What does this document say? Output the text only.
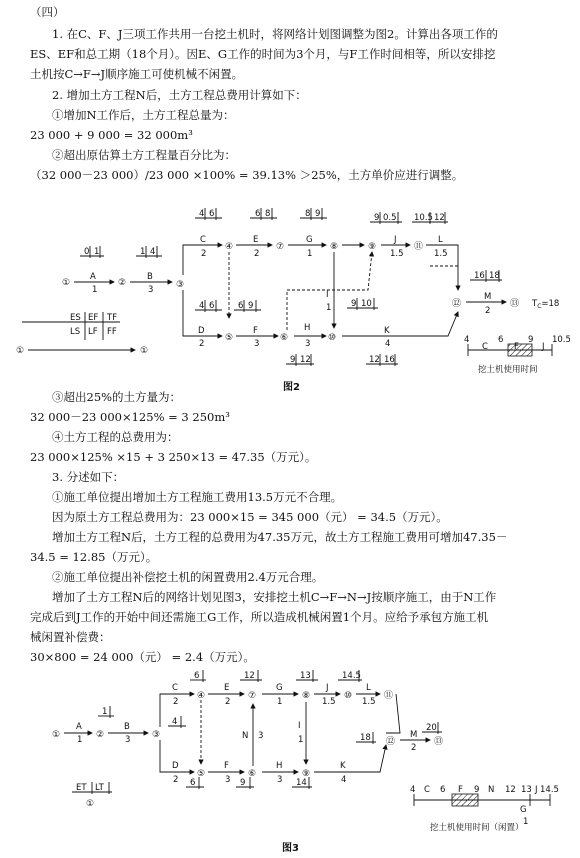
（四）
1. 在C、F、J三项工作共用一台挖土机时，将网络计划图调整为图2。计算出各项工作的
ES、EF和总工期（18个月）。因E、G工作的时间为3个月，与F工作时间相等，所以安排挖
土机按C→F→J顺序施工可使机械不闲置。
2. 增加土方工程N后，土方工程总费用计算如下：
①增加N工作后，土方工程总量为：
23 000 + 9 000 = 32 000m³
②超出原估算土方工程量百分比为：
（32 000－23 000）/23 000 ×100% = 39.13% ＞25%，土方单价应进行调整。
③超出25%的土方量为：
32 000－23 000×125% = 3 250m³
④土方工程的总费用为：
23 000×125% ×15 + 3 250×13 = 47.35（万元）。
3. 分述如下：
①施工单位提出增加土方工程施工费用13.5万元不合理。
因为原土方工程总费用为：23 000×15 = 345 000（元） = 34.5（万元）。
增加土方工程N后，土方工程的总费用为47.35万元，故土方工程施工费用可增加47.35－
34.5 = 12.85（万元）。
②施工单位提出补偿挖土机的闲置费用2.4万元合理。
增加了土方工程N后的网络计划见图3，安排挖土机C→F→N→J按顺序施工，由于N工作
完成后到J工作的开始中间还需施工G工作，所以造成机械闲置1个月。应给予承包方施工机
械闲置补偿费：
30×800 = 24 000（元） = 2.4（万元）。
ES EF TF
LS LF FF
①	①
①	②	③
④
⑤	⑥
⑦	⑧	⑨
⑩
⑪
⑫	⑬
A
1
B
3
C
2
D
2
E
2
F
3
G
1
H
3
J
1.5
I
1
L
1.5
K
4
M
2
0 1	1 4
4 6	6 8	8 9	9 0.5 10.5 12
4 6	6 9	9 10
16 18
9 12	12 16
$T_C=18$
4
C
6
F
9
J
10.5
挖土机使用时间
图2
①	②	③
④
⑤	⑥
⑦	⑧
⑨
⑩	⑪
⑫	⑬
A
1
B
3
C
2
D
2
E
2
F
3
G
1
H
3
N 3
I
1
J
1.5
L
1.5
K
4
M
2
1
6	12	13	14.5
4
6	9	14
18
20
ET LT
①
4 C 6 F 9 N 12 13 J 14.5
G
1
挖土机使用时间（闲置）
图3
